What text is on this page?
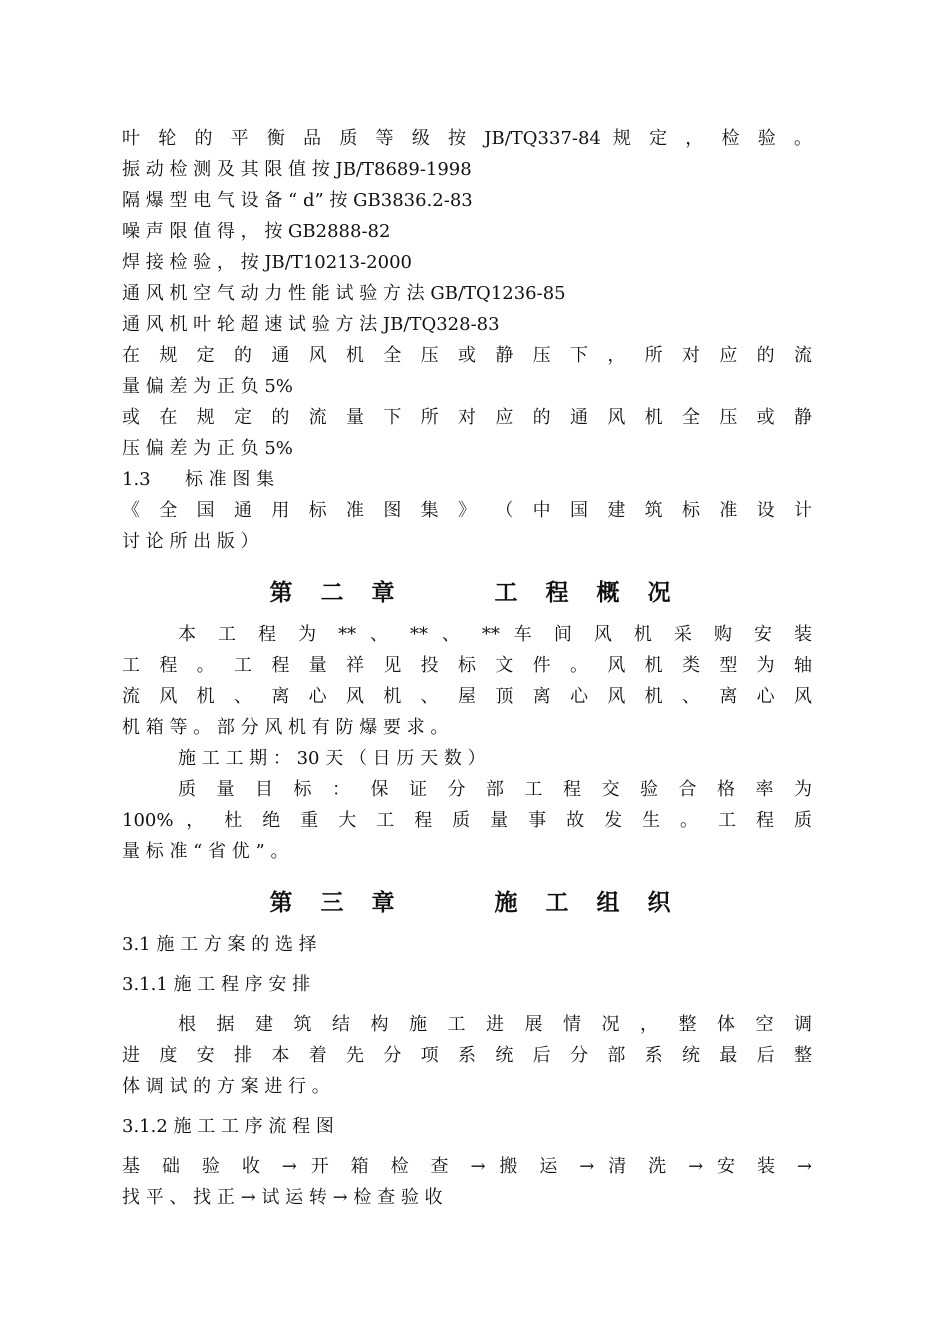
叶 轮 的 平 衡 品 质 等 级 按 JB/TQ337-84 规 定 ， 检 验 。
振 动 检 测 及 其 限 值 按 JB/T8689-1998
隔 爆 型 电 气 设 备 “ d” 按 GB3836.2-83
噪 声 限 值 得 ， 按 GB2888-82
焊 接 检 验 ， 按 JB/T10213-2000
通 风 机 空 气 动 力 性 能 试 验 方 法 GB/TQ1236-85
通 风 机 叶 轮 超 速 试 验 方 法 JB/TQ328-83
在 规 定 的 通 风 机 全 压 或 静 压 下 ， 所 对 应 的 流
量 偏 差 为 正 负 5%
或 在 规 定 的 流 量 下 所 对 应 的 通 风 机 全 压 或 静
压 偏 差 为 正 负 5%
1.3      标 准 图 集
《 全 国 通 用 标 准 图 集 》 （ 中 国 建 筑 标 准 设 计
讨 论 所 出 版 ）
第 二 章     工 程 概 况
本 工 程 为 ** 、 ** 、 ** 车 间 风 机 采 购 安 装
工 程 。 工 程 量 祥 见 投 标 文 件 。 风 机 类 型 为 轴
流 风 机 、 离 心 风 机 、 屋 顶 离 心 风 机 、 离 心 风
机 箱 等 。 部 分 风 机 有 防 爆 要 求 。
施 工 工 期 ： 30 天 （ 日 历 天 数 ）
质 量 目 标 ： 保 证 分 部 工 程 交 验 合 格 率 为
100% ， 杜 绝 重 大 工 程 质 量 事 故 发 生 。 工 程 质
量 标 准 “ 省 优 ” 。
第 三 章     施 工 组 织
3.1 施 工 方 案 的 选 择
3.1.1 施 工 程 序 安 排
根 据 建 筑 结 构 施 工 进 展 情 况 ， 整 体 空 调
进 度 安 排 本 着 先 分 项 系 统 后 分 部 系 统 最 后 整
体 调 试 的 方 案 进 行 。
3.1.2 施 工 工 序 流 程 图
基 础 验 收 → 开 箱 检 查 → 搬 运 → 清 洗 → 安 装 →
找 平 、 找 正 → 试 运 转 → 检 查 验 收
